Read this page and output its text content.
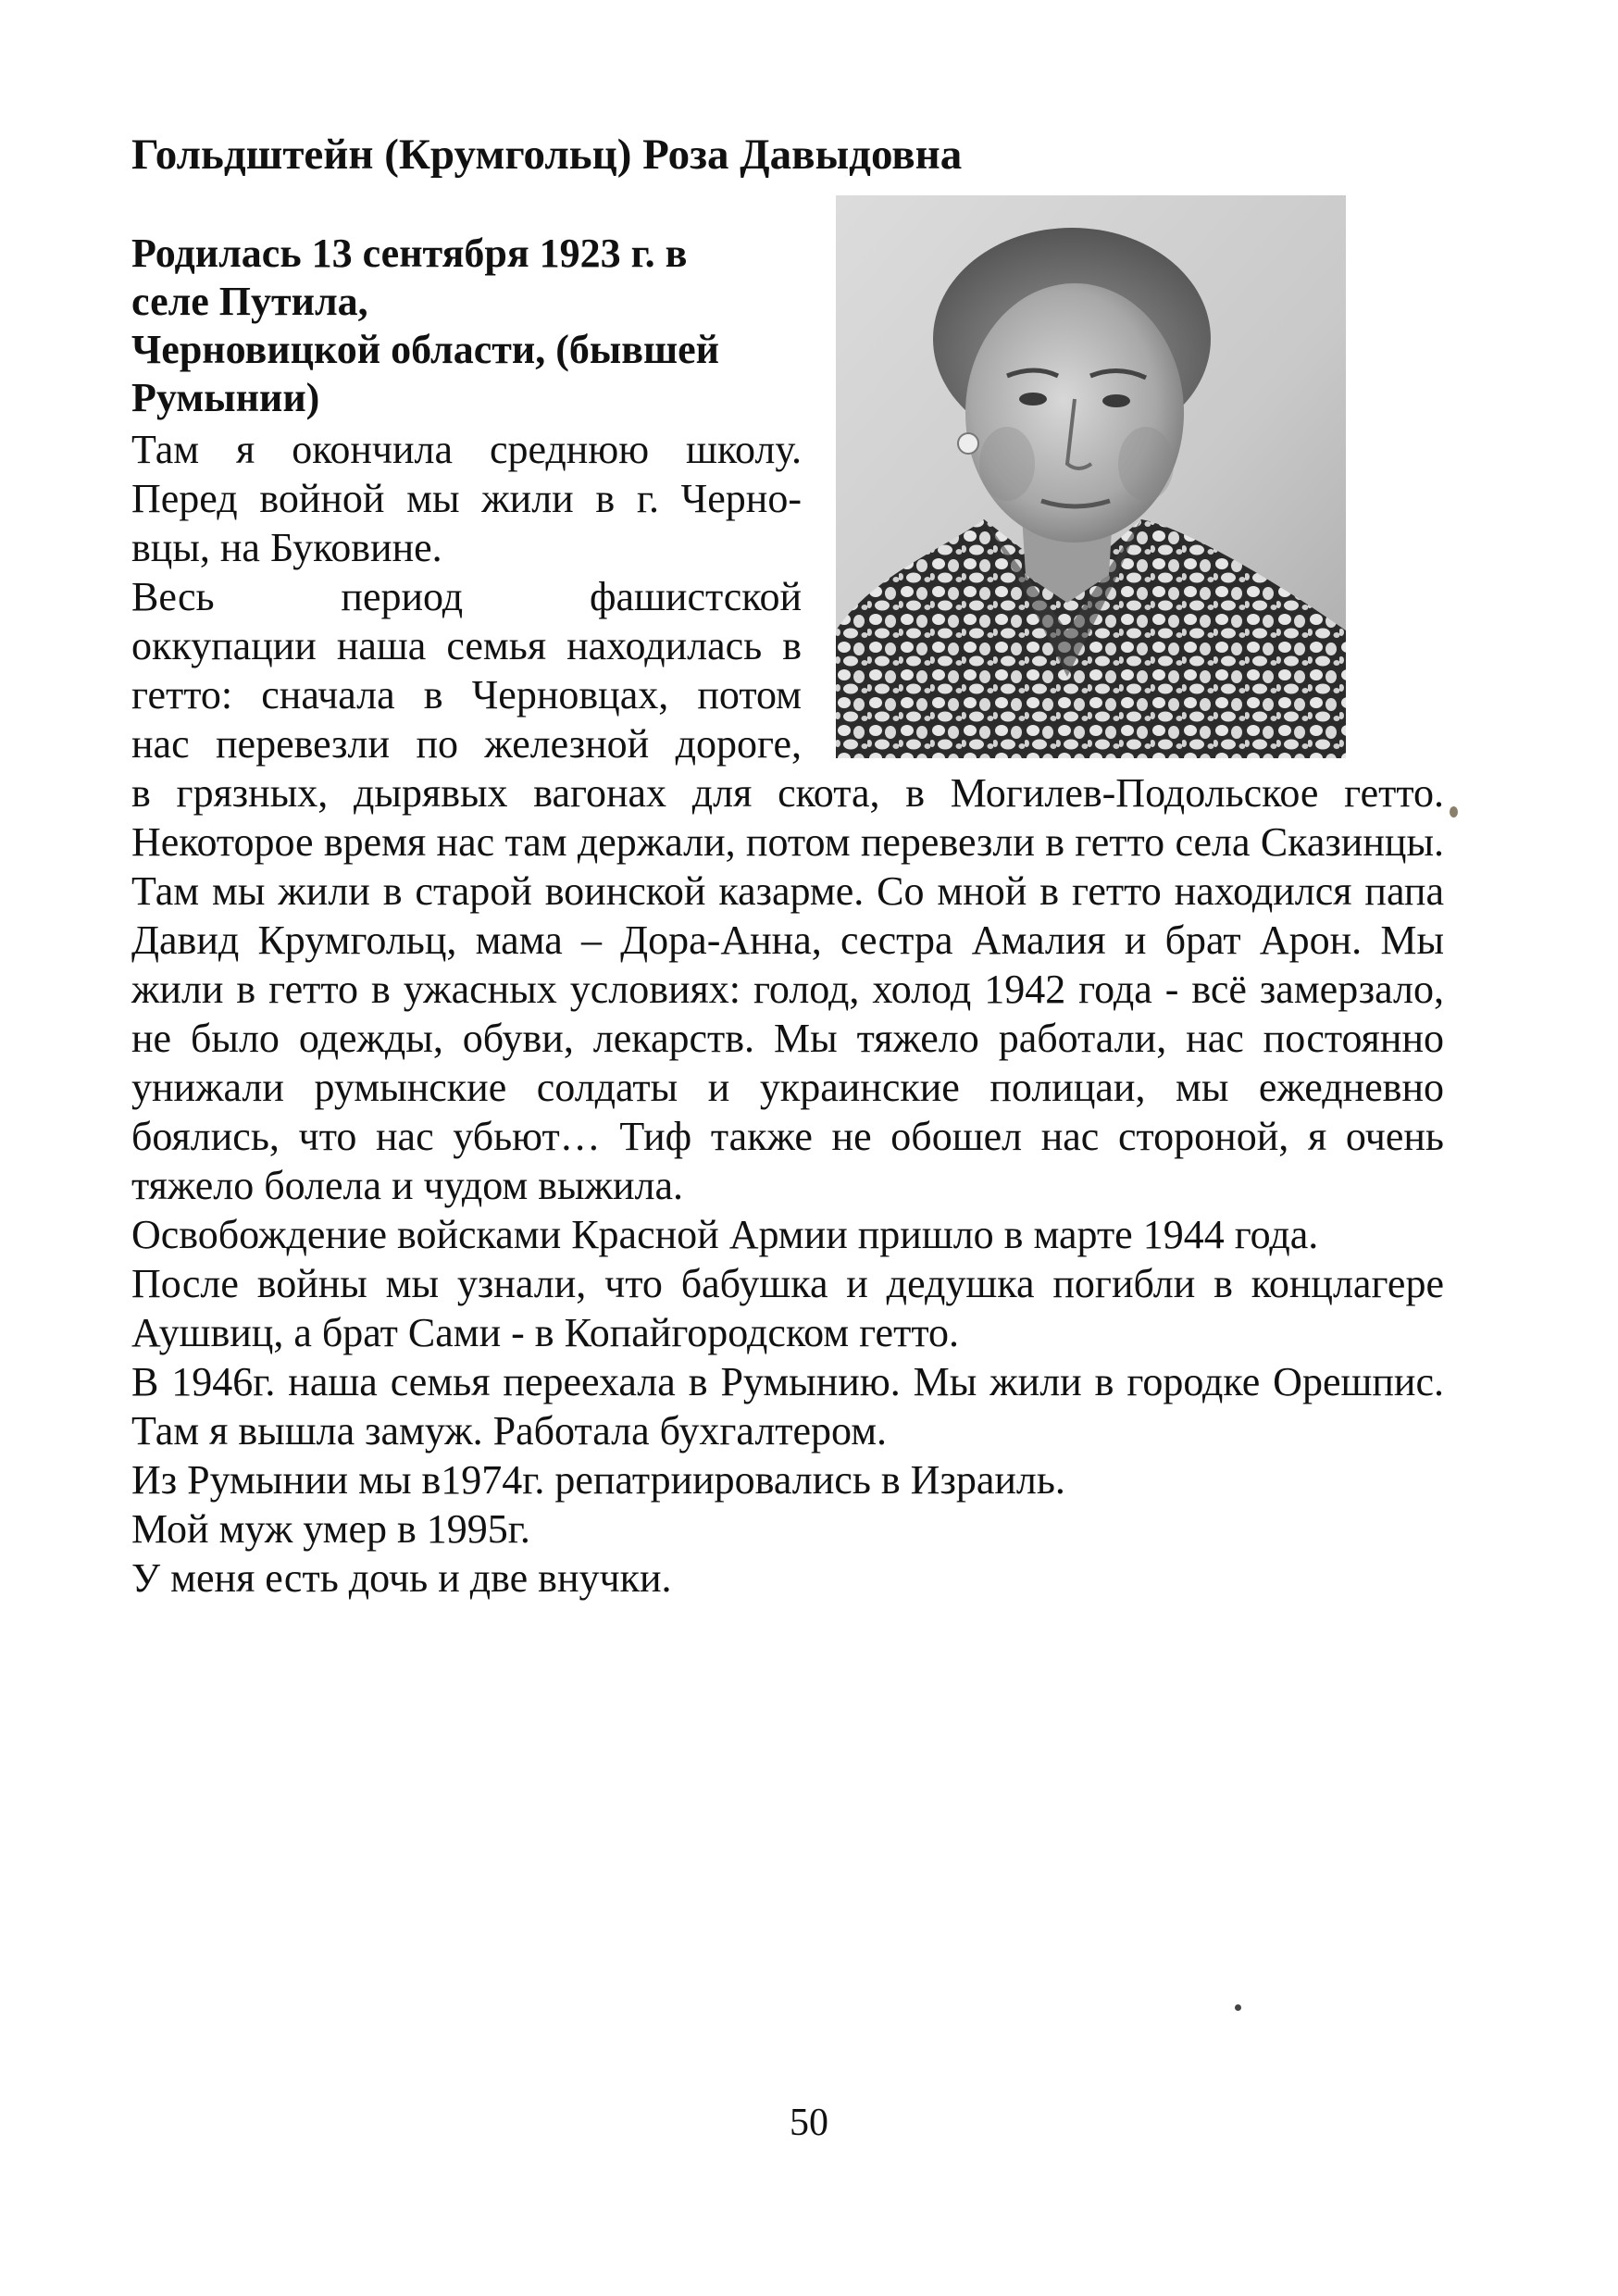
Гольдштейн (Крумгольц) Роза Давыдовна
Родилась 13 сентября 1923 г. в
селе Путила,
Черновицкой области, (бывшей
Румынии)
Там я окончила среднюю школу.
Перед войной мы жили в г. Черно-
вцы, на Буковине.
Весь период фашистской
оккупации наша семья находилась в
гетто: сначала в Черновцах, потом
нас перевезли по железной дороге,

в грязных, дырявых вагонах для скота, в Могилев-Подольское гетто. Некоторое время нас там держали, потом перевезли в гетто села Сказинцы. Там мы жили в старой воинской казарме. Со мной в гетто находился папа Давид Крумгольц, мама – Дора-Анна, сестра Амалия и брат Арон. Мы жили в гетто в ужасных условиях: голод, холод 1942 года - всё замерзало, не было одежды, обуви, лекарств. Мы тяжело работали, нас постоянно унижали румынские солдаты и украинские полицаи, мы ежедневно боялись, что нас убьют… Тиф также не обошел нас стороной, я очень тяжело болела и чудом выжила.

Освобождение войсками Красной Армии пришло в марте 1944 года.

После войны мы узнали, что бабушка и дедушка погибли в концлагере Аушвиц, а брат Сами - в Копайгородском гетто.

В 1946г. наша семья переехала в Румынию. Мы жили в городке Орешпис. Там я вышла замуж. Работала бухгалтером.

Из Румынии мы в1974г. репатриировались в Израиль.

Мой муж умер в 1995г.

У меня есть дочь и две внучки.

50
